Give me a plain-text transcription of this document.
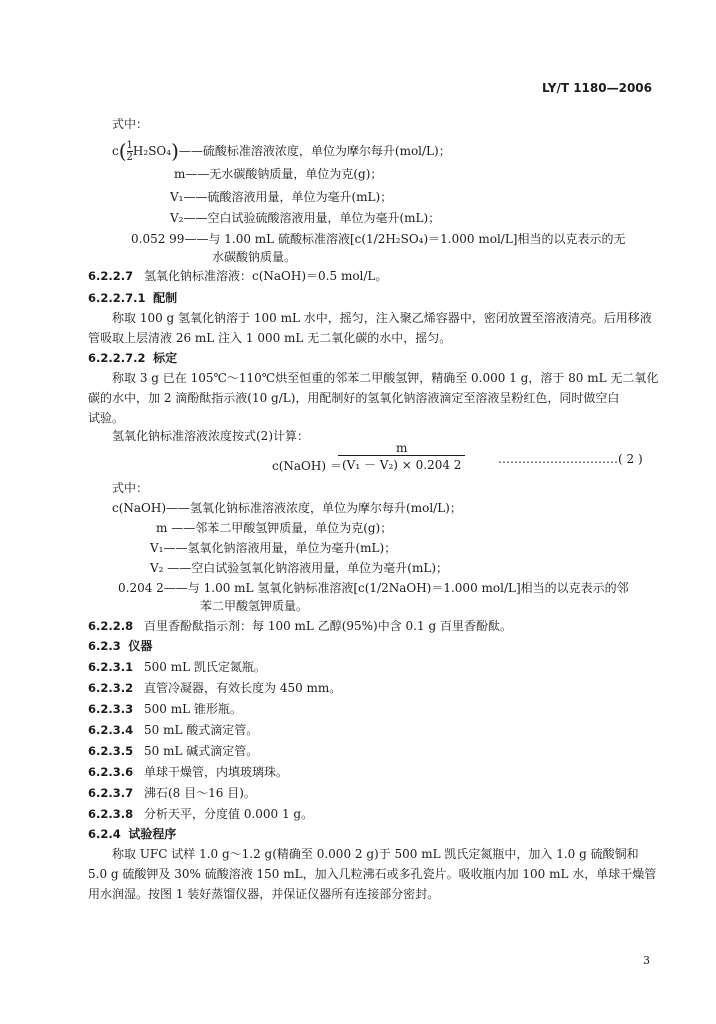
LY/T 1180—2006
式中：
$c( \frac{1}{2}$ H₂SO₄)——硫酸标准溶液浓度，单位为摩尔每升(mol/L)；
m——无水碳酸钠质量，单位为克(g)；
V₁——硫酸溶液用量，单位为毫升(mL)；
V₂——空白试验硫酸溶液用量，单位为毫升(mL)；
0.052 99——与 1.00 mL 硫酸标准溶液[c(1/2H₂SO₄)＝1.000 mol/L]相当的以克表示的无
水碳酸钠质量。
6.2.2.7 氢氧化钠标准溶液：c(NaOH)＝0.5 mol/L。
6.2.2.7.1 配制
称取 100 g 氢氧化钠溶于 100 mL 水中，摇匀，注入聚乙烯容器中，密闭放置至溶液清亮。后用移液
管吸取上层清液 26 mL 注入 1 000 mL 无二氧化碳的水中，摇匀。
6.2.2.7.2 标定
称取 3 g 已在 105℃～110℃烘至恒重的邻苯二甲酸氢钾，精确至 0.000 1 g，溶于 80 mL 无二氧化
碳的水中，加 2 滴酚酞指示液(10 g/L)，用配制好的氢氧化钠溶液滴定至溶液呈粉红色，同时做空白
试验。
氢氧化钠标准溶液浓度按式(2)计算：
c(NaOH) ＝
$\frac{m}{\text{(V₁ － V₂) × 0.204 2}}$	…………………………( 2 )
式中：
c(NaOH)——氢氧化钠标准溶液浓度，单位为摩尔每升(mol/L)；
m ——邻苯二甲酸氢钾质量，单位为克(g)；
V₁——氢氧化钠溶液用量，单位为毫升(mL)；
V₂ ——空白试验氢氧化钠溶液用量，单位为毫升(mL)；
0.204 2——与 1.00 mL 氢氧化钠标准溶液[c(1/2NaOH)＝1.000 mol/L]相当的以克表示的邻
苯二甲酸氢钾质量。
6.2.2.8 百里香酚酞指示剂：每 100 mL 乙醇(95%)中含 0.1 g 百里香酚酞。
6.2.3 仪器
6.2.3.1 500 mL 凯氏定氮瓶。
6.2.3.2 直管冷凝器，有效长度为 450 mm。
6.2.3.3 500 mL 锥形瓶。
6.2.3.4 50 mL 酸式滴定管。
6.2.3.5 50 mL 碱式滴定管。
6.2.3.6 单球干燥管，内填玻璃珠。
6.2.3.7 沸石(8 目～16 目)。
6.2.3.8 分析天平，分度值 0.000 1 g。
6.2.4 试验程序
称取 UFC 试样 1.0 g～1.2 g(精确至 0.000 2 g)于 500 mL 凯氏定氮瓶中，加入 1.0 g 硫酸铜和
5.0 g 硫酸钾及 30% 硫酸溶液 150 mL，加入几粒沸石或多孔瓷片。吸收瓶内加 100 mL 水，单球干燥管
用水润湿。按图 1 装好蒸馏仪器，并保证仪器所有连接部分密封。
3
